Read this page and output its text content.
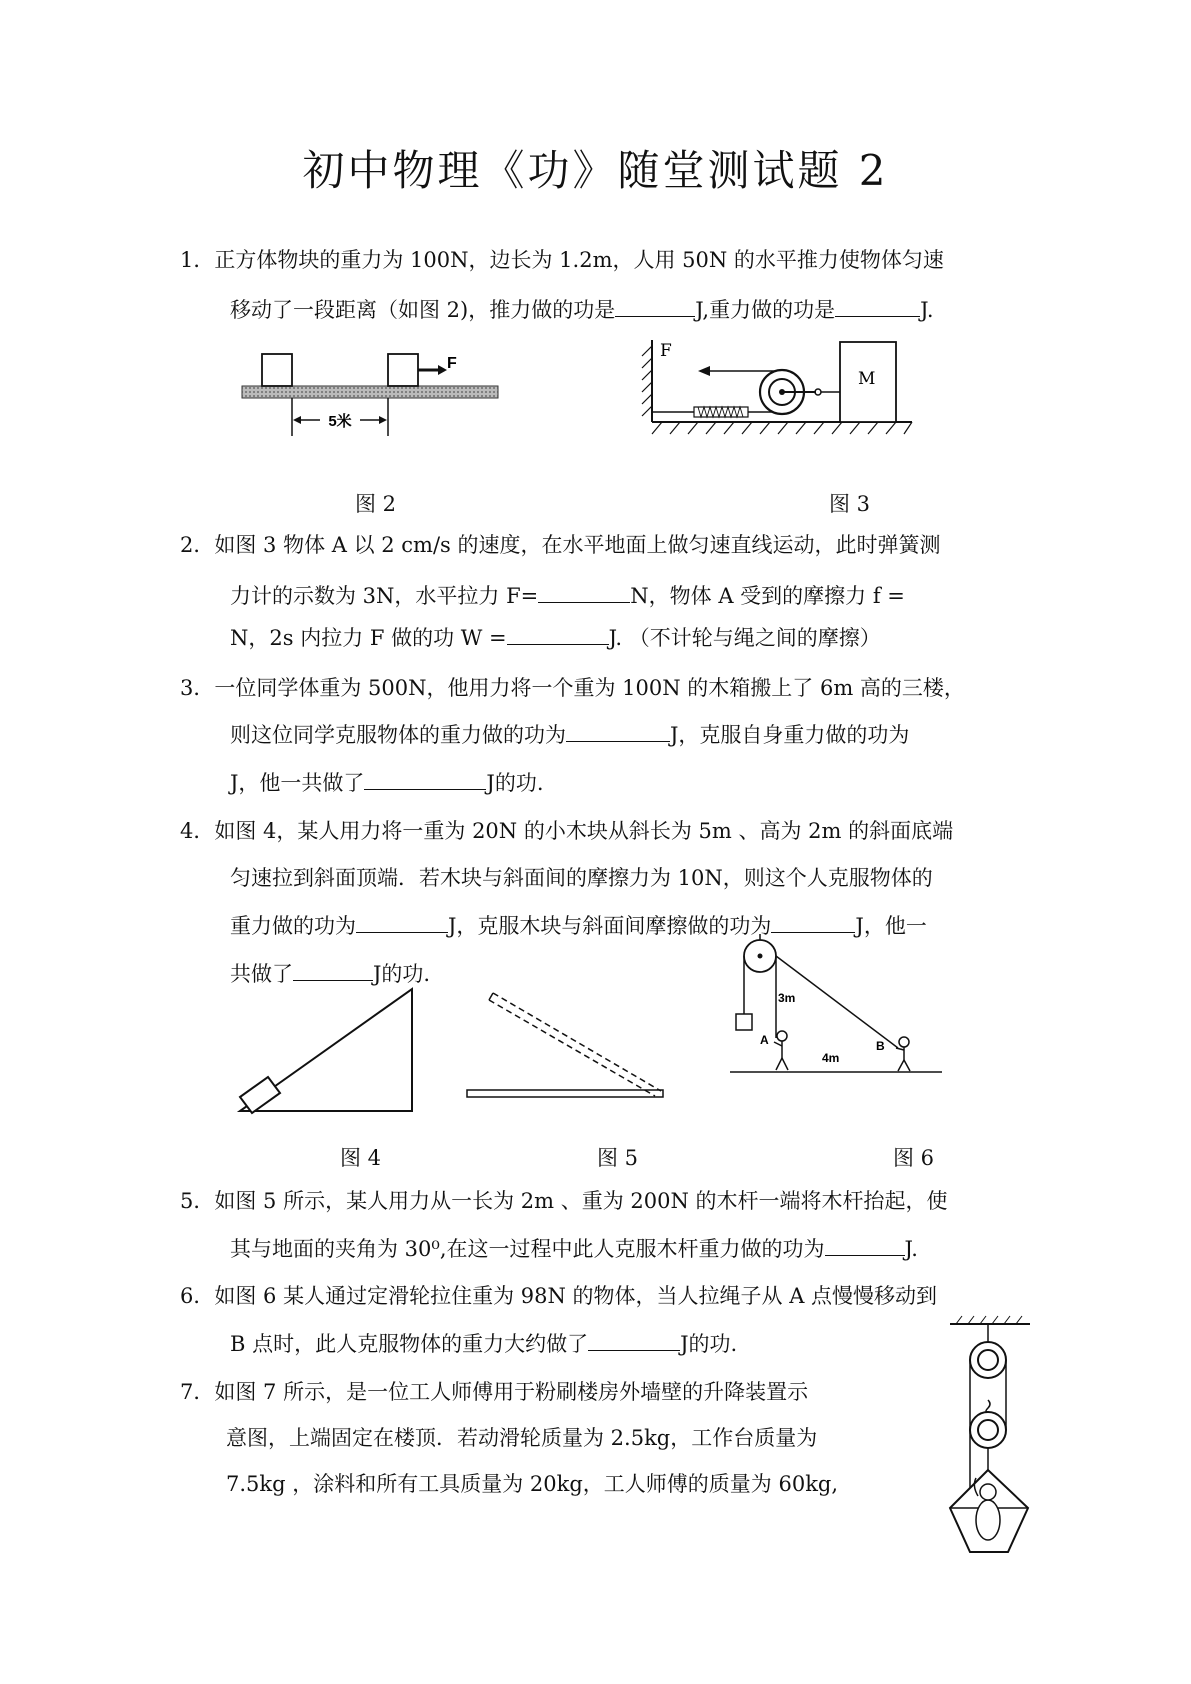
初中物理《功》随堂测试题 2
1．正方体物块的重力为 100N，边长为 1.2m，人用 50N 的水平推力使物体匀速
移动了一段距离（如图 2)，推力做的功是	J,重力做的功是	J.
F
5米
F
M
图 2	图 3
2．如图 3 物体 A 以 2 cm/s 的速度，在水平地面上做匀速直线运动，此时弹簧测
力计的示数为 3N，水平拉力 F=	N，物体 A 受到的摩擦力 f =
N，2s 内拉力 F 做的功 W =	J. （不计轮与绳之间的摩擦）
3．一位同学体重为 500N，他用力将一个重为 100N 的木箱搬上了 6m 高的三楼，
则这位同学克服物体的重力做的功为	J，克服自身重力做的功为
J，他一共做了	J的功.
4．如图 4，某人用力将一重为 20N 的小木块从斜长为 5m 、高为 2m 的斜面底端
匀速拉到斜面顶端．若木块与斜面间的摩擦力为 10N，则这个人克服物体的
重力做的功为	J，克服木块与斜面间摩擦做的功为	J，他一
共做了	J的功.
3m
A	B
4m
图 4	图 5	图 6
5．如图 5 所示，某人用力从一长为 2m 、重为 200N 的木杆一端将木杆抬起，使
其与地面的夹角为 30⁰,在这一过程中此人克服木杆重力做的功为	J.
6．如图 6 某人通过定滑轮拉住重为 98N 的物体，当人拉绳子从 A 点慢慢移动到
B 点时，此人克服物体的重力大约做了	J的功.
7．如图 7 所示，是一位工人师傅用于粉刷楼房外墙壁的升降装置示
意图，上端固定在楼顶．若动滑轮质量为 2.5kg，工作台质量为
7.5kg ，涂料和所有工具质量为 20kg，工人师傅的质量为 60kg,
